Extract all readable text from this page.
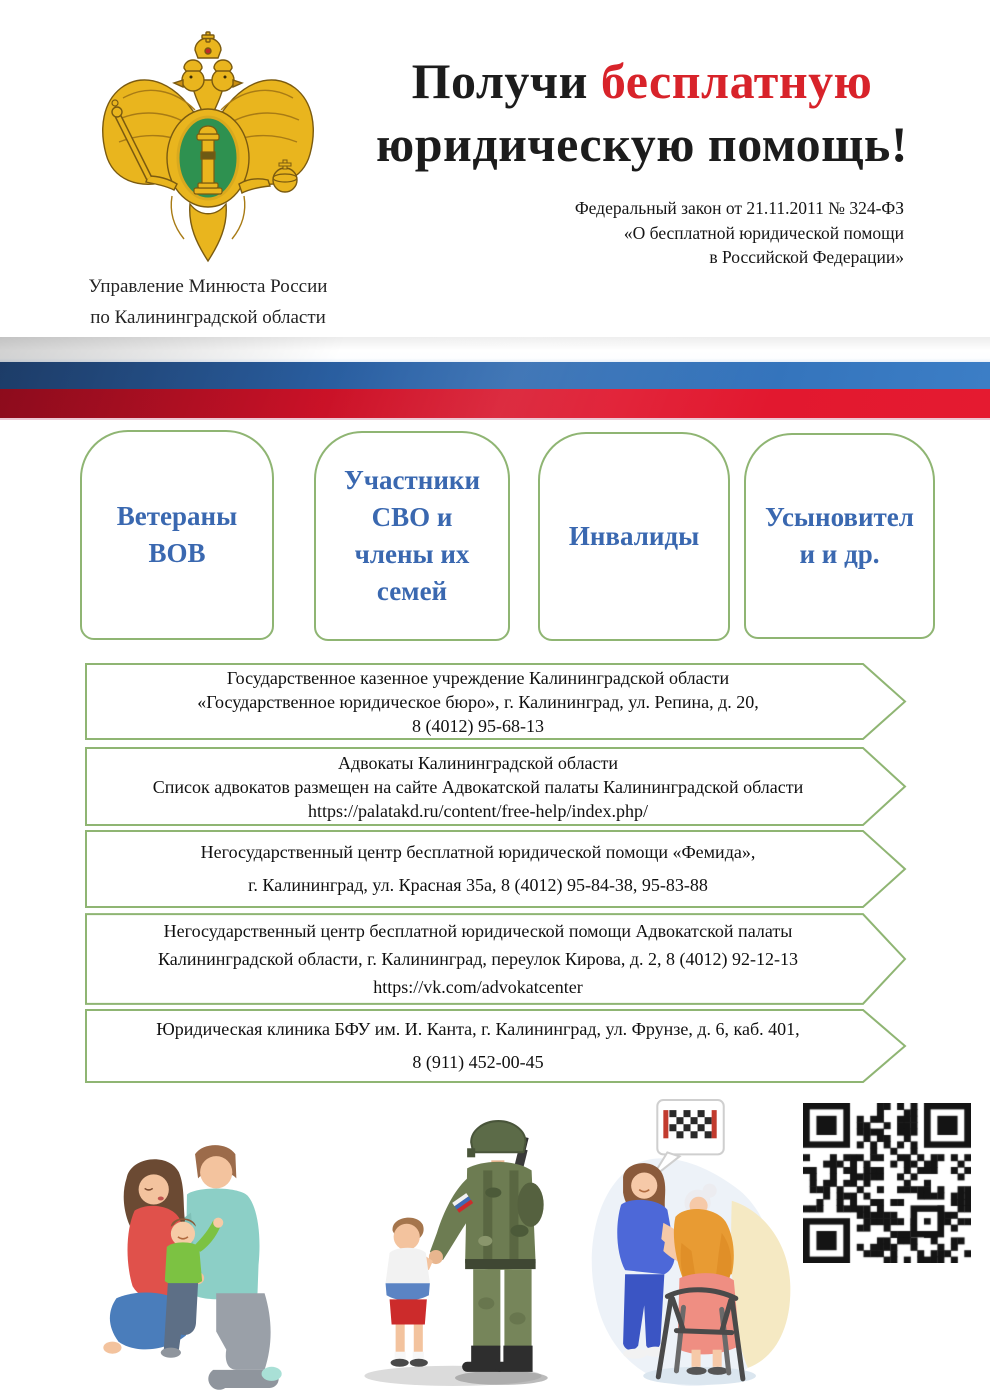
Управление Минюста России
по Калининградской области
Получи бесплатную
юридическую помощь!
Федеральный закон от 21.11.2011 № 324-ФЗ
«О бесплатной юридической помощи
в Российской Федерации»
Ветераны
ВОВ
Участники
СВО и
члены их
семей
Инвалиды
Усыновител
и и др.
Государственное казенное учреждение Калининградской области
«Государственное юридическое бюро», г. Калининград, ул. Репина, д. 20,
8 (4012) 95-68-13
Адвокаты Калининградской области
Список адвокатов размещен на сайте Адвокатской палаты Калининградской области
https://palatakd.ru/content/free-help/index.php/
Негосударственный центр бесплатной юридической помощи «Фемида»,
г. Калининград, ул. Красная 35а, 8 (4012) 95-84-38, 95-83-88
Негосударственный центр бесплатной юридической помощи Адвокатской палаты
Калининградской области, г. Калининград, переулок Кирова, д. 2, 8 (4012) 92-12-13
https://vk.com/advokatcenter
Юридическая клиника БФУ им. И. Канта, г. Калининград, ул. Фрунзе, д. 6, каб. 401,
8 (911) 452-00-45
